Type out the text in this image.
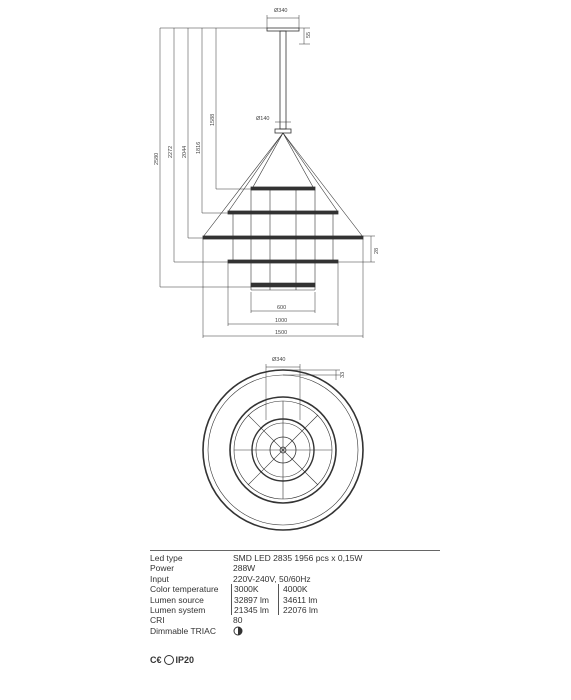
Ø340
55
Ø140
2580
2272 2044 1816
1588
28
600
1000
1500
Ø340
33
Led type	SMD LED 2835 1956 pcs x 0,15W
Power	288W
Input	220V-240V, 50/60Hz
Color temperature	3000K	4000K
Lumen source	32897 lm	34611 lm
Lumen system	21345 lm	22076 lm
CRI	80
Dimmable TRIAC
C€ IP20
